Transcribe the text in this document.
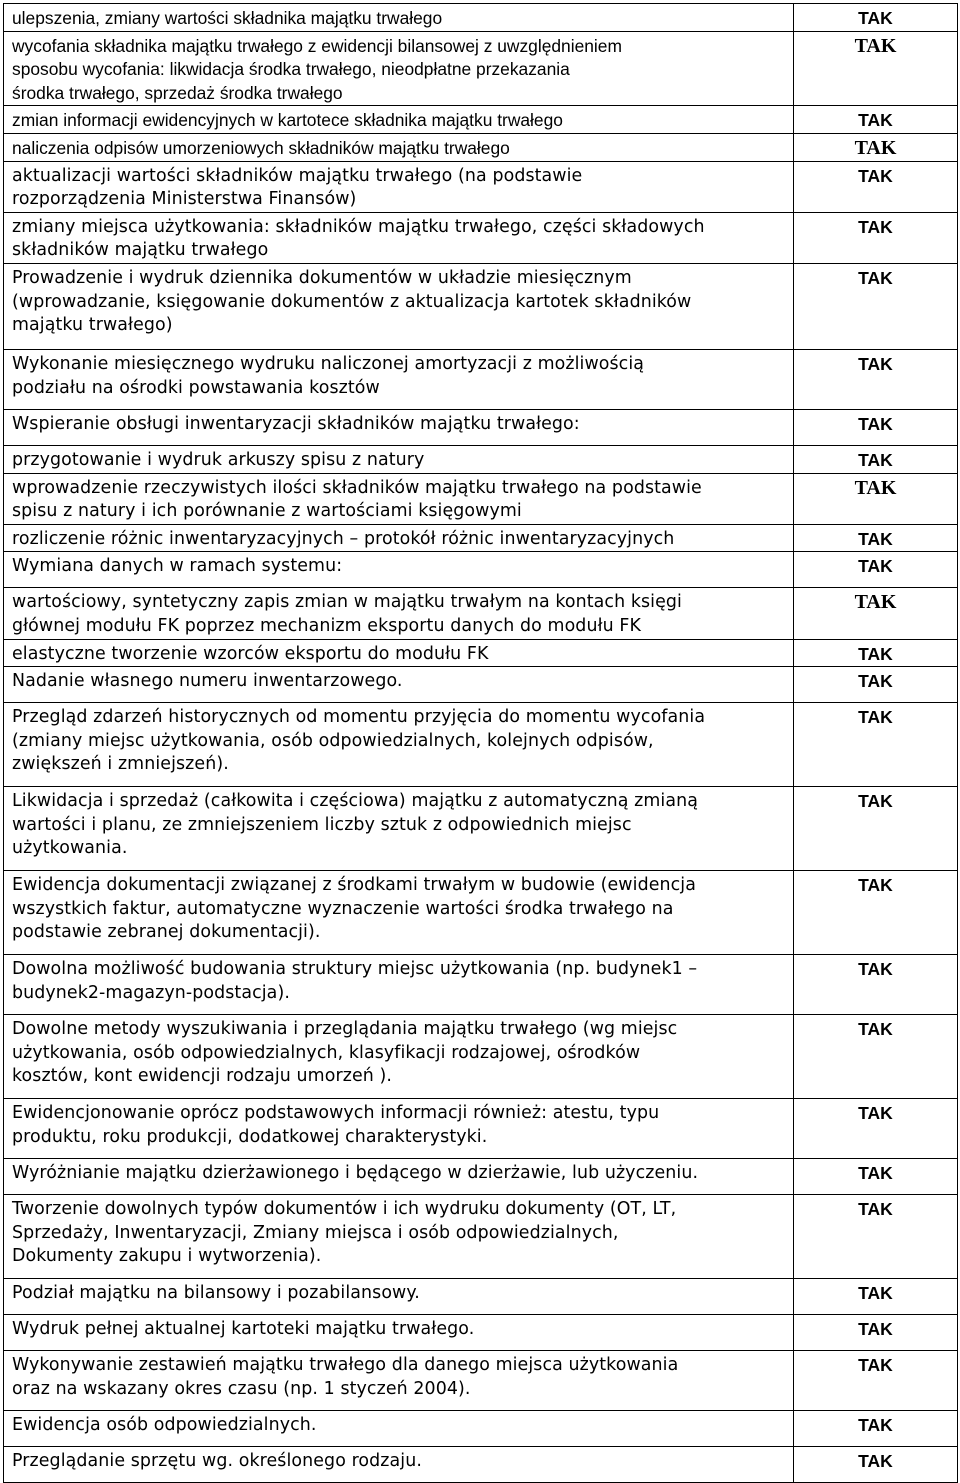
ulepszenia, zmiany wartości składnika majątku trwałego	TAK

wycofania składnika majątku trwałego z ewidencji bilansowej z uwzględnieniem
sposobu wycofania: likwidacja środka trwałego, nieodpłatne przekazania
środka trwałego, sprzedaż środka trwałego	TAK

zmian informacji ewidencyjnych w kartotece składnika majątku trwałego	TAK

naliczenia odpisów umorzeniowych składników majątku trwałego	TAK

aktualizacji wartości składników majątku trwałego (na podstawie
rozporządzenia Ministerstwa Finansów)	TAK

zmiany miejsca użytkowania: składników majątku trwałego, części składowych
składników majątku trwałego	TAK

Prowadzenie i wydruk dziennika dokumentów w układzie miesięcznym
(wprowadzanie, księgowanie dokumentów z aktualizacja kartotek składników
majątku trwałego)	TAK

Wykonanie miesięcznego wydruku naliczonej amortyzacji z możliwością
podziału na ośrodki powstawania kosztów	TAK

Wspieranie obsługi inwentaryzacji składników majątku trwałego:	TAK

przygotowanie i wydruk arkuszy spisu z natury	TAK

wprowadzenie rzeczywistych ilości składników majątku trwałego na podstawie
spisu z natury i ich porównanie z wartościami księgowymi	TAK

rozliczenie różnic inwentaryzacyjnych – protokół różnic inwentaryzacyjnych	TAK

Wymiana danych w ramach systemu:	TAK

wartościowy, syntetyczny zapis zmian w majątku trwałym na kontach księgi
głównej modułu FK poprzez mechanizm eksportu danych do modułu FK	TAK

elastyczne tworzenie wzorców eksportu do modułu FK	TAK

Nadanie własnego numeru inwentarzowego.	TAK

Przegląd zdarzeń historycznych od momentu przyjęcia do momentu wycofania
(zmiany miejsc użytkowania, osób odpowiedzialnych, kolejnych odpisów,
zwiększeń i zmniejszeń).	TAK

Likwidacja i sprzedaż (całkowita i częściowa) majątku z automatyczną zmianą
wartości i planu, ze zmniejszeniem liczby sztuk z odpowiednich miejsc
użytkowania.	TAK

Ewidencja dokumentacji związanej z środkami trwałym w budowie (ewidencja
wszystkich faktur, automatyczne wyznaczenie wartości środka trwałego na
podstawie zebranej dokumentacji).	TAK

Dowolna możliwość budowania struktury miejsc użytkowania (np. budynek1 –
budynek2-magazyn-podstacja).	TAK

Dowolne metody wyszukiwania i przeglądania majątku trwałego (wg miejsc
użytkowania, osób odpowiedzialnych, klasyfikacji rodzajowej, ośrodków
kosztów, kont ewidencji rodzaju umorzeń ).	TAK

Ewidencjonowanie oprócz podstawowych informacji również: atestu, typu
produktu, roku produkcji, dodatkowej charakterystyki.	TAK

Wyróżnianie majątku dzierżawionego i będącego w dzierżawie, lub użyczeniu.	TAK

Tworzenie dowolnych typów dokumentów i ich wydruku dokumenty (OT, LT,
Sprzedaży, Inwentaryzacji, Zmiany miejsca i osób odpowiedzialnych,
Dokumenty zakupu i wytworzenia).	TAK

Podział majątku na bilansowy i pozabilansowy.	TAK

Wydruk pełnej aktualnej kartoteki majątku trwałego.	TAK

Wykonywanie zestawień majątku trwałego dla danego miejsca użytkowania
oraz na wskazany okres czasu (np. 1 styczeń 2004).	TAK

Ewidencja osób odpowiedzialnych.	TAK

Przeglądanie sprzętu wg. określonego rodzaju.	TAK
